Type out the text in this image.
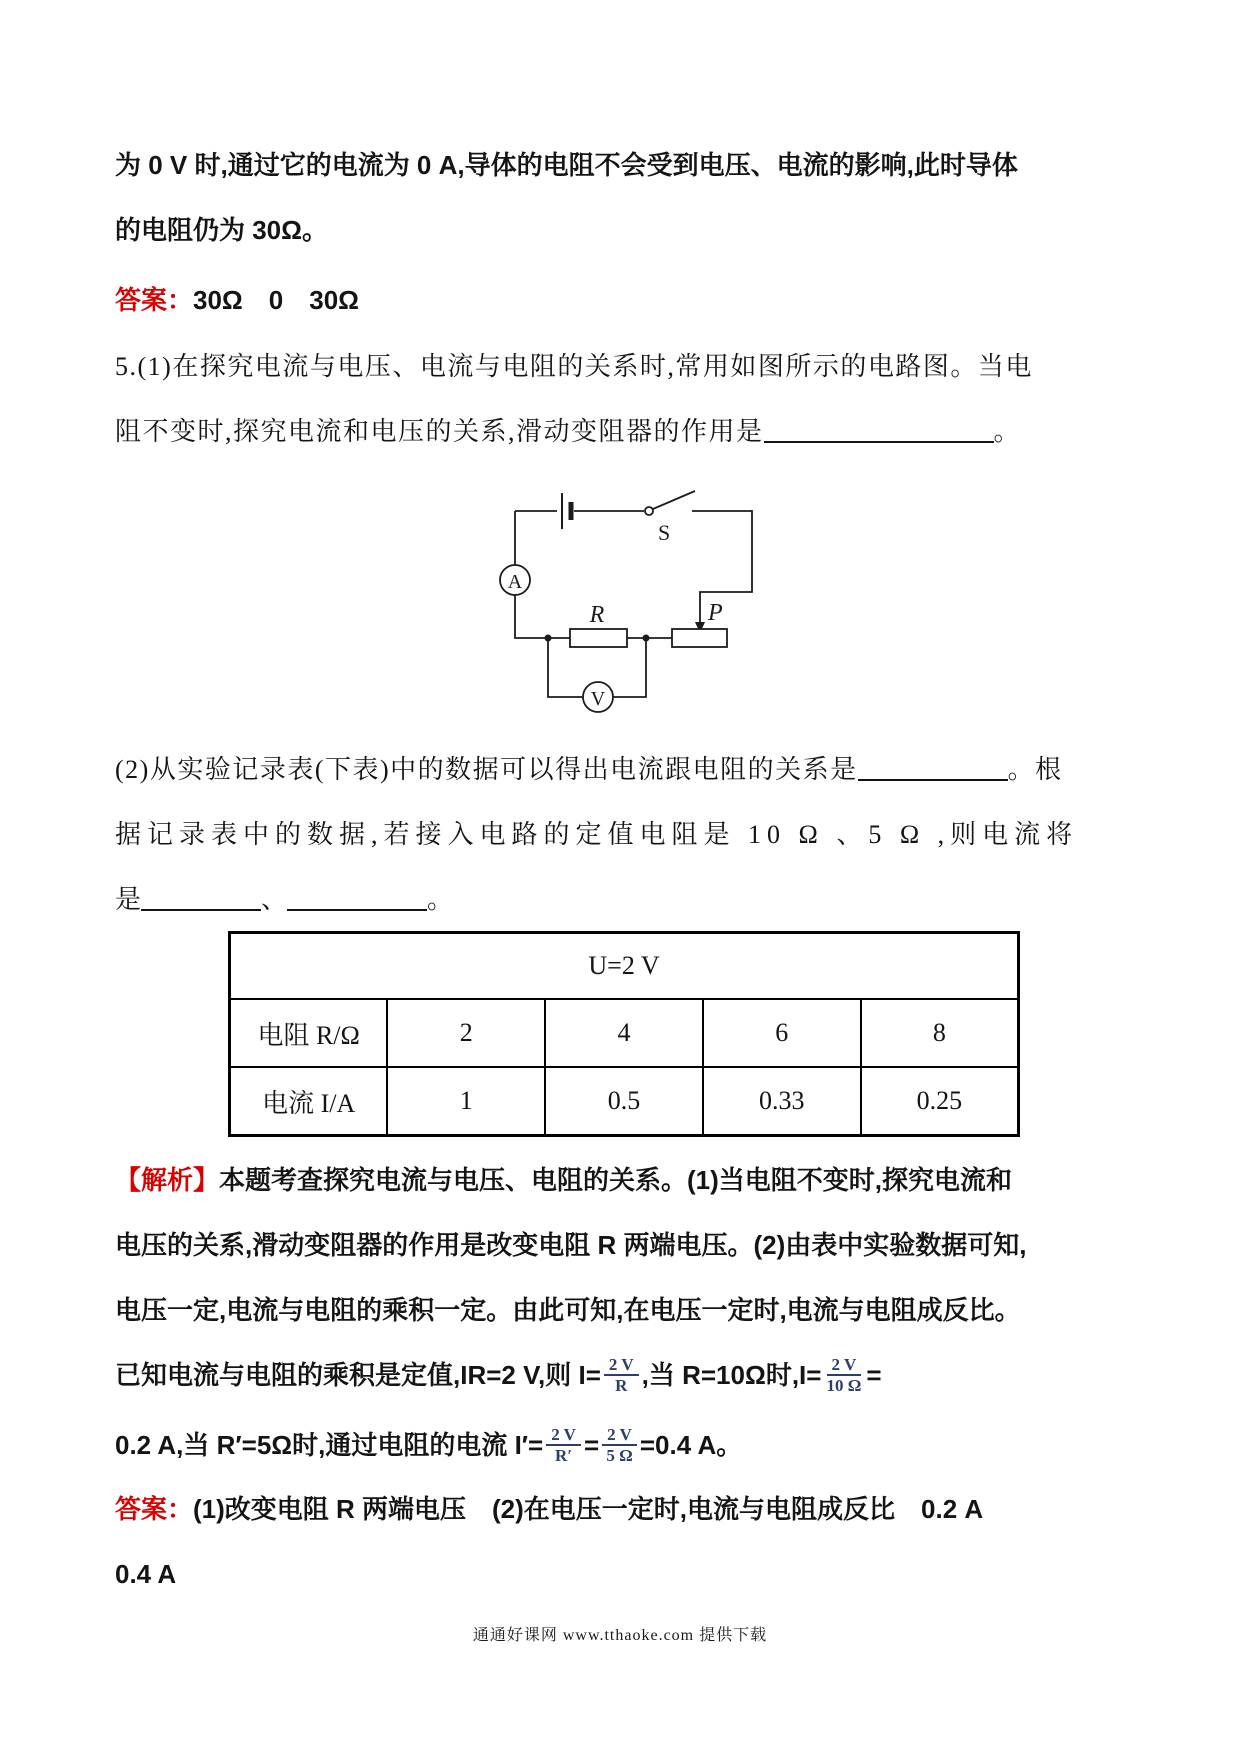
为 0 V 时,通过它的电流为 0 A,导体的电阻不会受到电压、电流的影响,此时导体
的电阻仍为 30Ω。
答案：30Ω　0　30Ω
5.(1)在探究电流与电压、电流与电阻的关系时,常用如图所示的电路图。当电
阻不变时,探究电流和电压的关系,滑动变阻器的作用是	。
A
V
R	P
S
(2)从实验记录表(下表)中的数据可以得出电流跟电阻的关系是	。根
据记录表中的数据,若接入电路的定值电阻是 10 Ω 、5 Ω ,则电流将
是	、	。
U=2 V				
电阻 R/Ω	2	4	6	8
电流 I/A	1	0.5	0.33	0.25
【解析】本题考查探究电流与电压、电阻的关系。(1)当电阻不变时,探究电流和
电压的关系,滑动变阻器的作用是改变电阻 R 两端电压。(2)由表中实验数据可知,
电压一定,电流与电阻的乘积一定。由此可知,在电压一定时,电流与电阻成反比。
已知电流与电阻的乘积是定值,IR=2 V,则 $I= \frac{2 V}{R}$ ,当 R=10Ω时$,I= \frac{2 V}{10 \Omega}$ =
0.2 A,当 R′=5Ω时,通过电阻的电流 $I'= \frac{2 V}{R'} = \frac{2 V}{5 \Omega} =0.4$ A。
答案：(1)改变电阻 R 两端电压　(2)在电压一定时,电流与电阻成反比　0.2 A
0.4 A
通通好课网 www.tthaoke.com 提供下载
